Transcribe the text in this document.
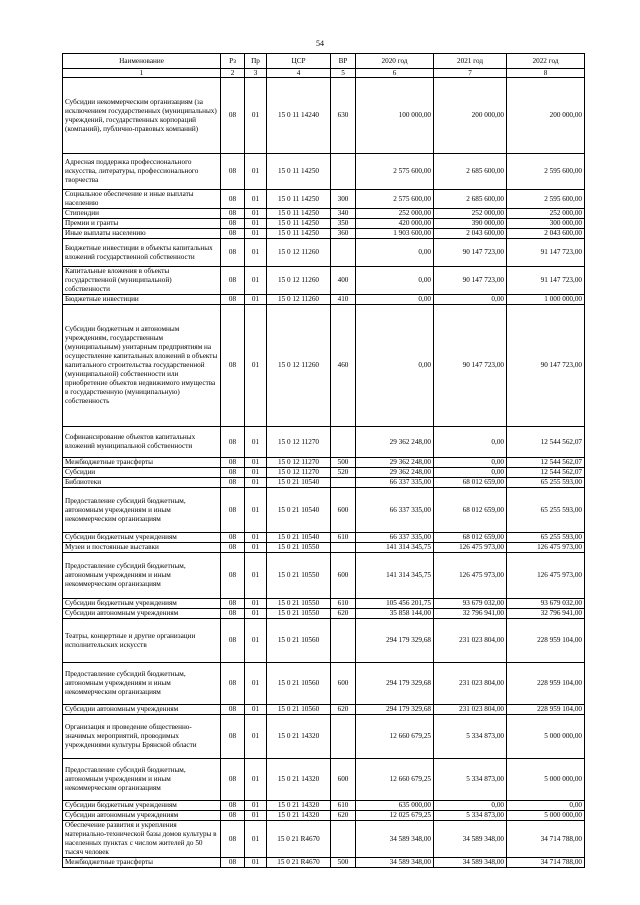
54
Наименование	Рз	Пр	ЦСР	ВР	2020 год	2021 год	2022 год
1	2	3	4	5	6	7	8
Субсидии некоммерческим организациям (за исключением государственных (муниципальных) учреждений, государственных корпораций (компаний), публично-правовых компаний)	08	01	15 0 11 14240	630	100 000,00	200 000,00	200 000,00
Адресная поддержка профессионального искусства, литературы, профессионального творчества	08	01	15 0 11 14250		2 575 600,00	2 685 600,00	2 595 600,00
Социальное обеспечение и иные выплаты населению	08	01	15 0 11 14250	300	2 575 600,00	2 685 600,00	2 595 600,00
Стипендии	08	01	15 0 11 14250	340	252 000,00	252 000,00	252 000,00
Премии и гранты	08	01	15 0 11 14250	350	420 000,00	390 000,00	300 000,00
Иные выплаты населению	08	01	15 0 11 14250	360	1 903 600,00	2 043 600,00	2 043 600,00
Бюджетные инвестиции в объекты капитальных вложений государственной собственности	08	01	15 0 12 11260		0,00	90 147 723,00	91 147 723,00
Капитальные вложения в объекты государственной (муниципальной) собственности	08	01	15 0 12 11260	400	0,00	90 147 723,00	91 147 723,00
Бюджетные инвестиции	08	01	15 0 12 11260	410	0,00	0,00	1 000 000,00
Субсидии бюджетным и автономным учреждениям, государственным (муниципальным) унитарным предприятиям на осуществление капитальных вложений в объекты капитального строительства государственной (муниципальной) собственности или приобретение объектов недвижимого имущества в государственную (муниципальную) собственность	08	01	15 0 12 11260	460	0,00	90 147 723,00	90 147 723,00
Софинансирование объектов капитальных вложений муниципальной собственности	08	01	15 0 12 11270		29 362 248,00	0,00	12 544 562,07
Межбюджетные трансферты	08	01	15 0 12 11270	500	29 362 248,00	0,00	12 544 562,07
Субсидии	08	01	15 0 12 11270	520	29 362 248,00	0,00	12 544 562,07
Библиотеки	08	01	15 0 21 10540		66 337 335,00	68 012 659,00	65 255 593,00
Предоставление субсидий бюджетным, автономным учреждениям и иным некоммерческим организациям	08	01	15 0 21 10540	600	66 337 335,00	68 012 659,00	65 255 593,00
Субсидии бюджетным учреждениям	08	01	15 0 21 10540	610	66 337 335,00	68 012 659,00	65 255 593,00
Музеи и постоянные выставки	08	01	15 0 21 10550		141 314 345,75	126 475 973,00	126 475 973,00
Предоставление субсидий бюджетным, автономным учреждениям и иным некоммерческим организациям	08	01	15 0 21 10550	600	141 314 345,75	126 475 973,00	126 475 973,00
Субсидии бюджетным учреждениям	08	01	15 0 21 10550	610	105 456 201,75	93 679 032,00	93 679 032,00
Субсидии автономным учреждениям	08	01	15 0 21 10550	620	35 858 144,00	32 796 941,00	32 796 941,00
Театры, концертные и другие организации исполнительских искусств	08	01	15 0 21 10560		294 179 329,68	231 023 804,00	228 959 104,00
Предоставление субсидий бюджетным, автономным учреждениям и иным некоммерческим организациям	08	01	15 0 21 10560	600	294 179 329,68	231 023 804,00	228 959 104,00
Субсидии автономным учреждениям	08	01	15 0 21 10560	620	294 179 329,68	231 023 804,00	228 959 104,00
Организация и проведение общественно-значимых мероприятий, проводимых учреждениями культуры Брянской области	08	01	15 0 21 14320		12 660 679,25	5 334 873,00	5 000 000,00
Предоставление субсидий бюджетным, автономным учреждениям и иным некоммерческим организациям	08	01	15 0 21 14320	600	12 660 679,25	5 334 873,00	5 000 000,00
Субсидии бюджетным учреждениям	08	01	15 0 21 14320	610	635 000,00	0,00	0,00
Субсидии автономным учреждениям	08	01	15 0 21 14320	620	12 025 679,25	5 334 873,00	5 000 000,00
Обеспечение развития и укрепления материально-технической базы домов культуры в населенных пунктах с числом жителей до 50 тысяч человек	08	01	15 0 21 R4670		34 589 348,00	34 589 348,00	34 714 788,00
Межбюджетные трансферты	08	01	15 0 21 R4670	500	34 589 348,00	34 589 348,00	34 714 788,00
